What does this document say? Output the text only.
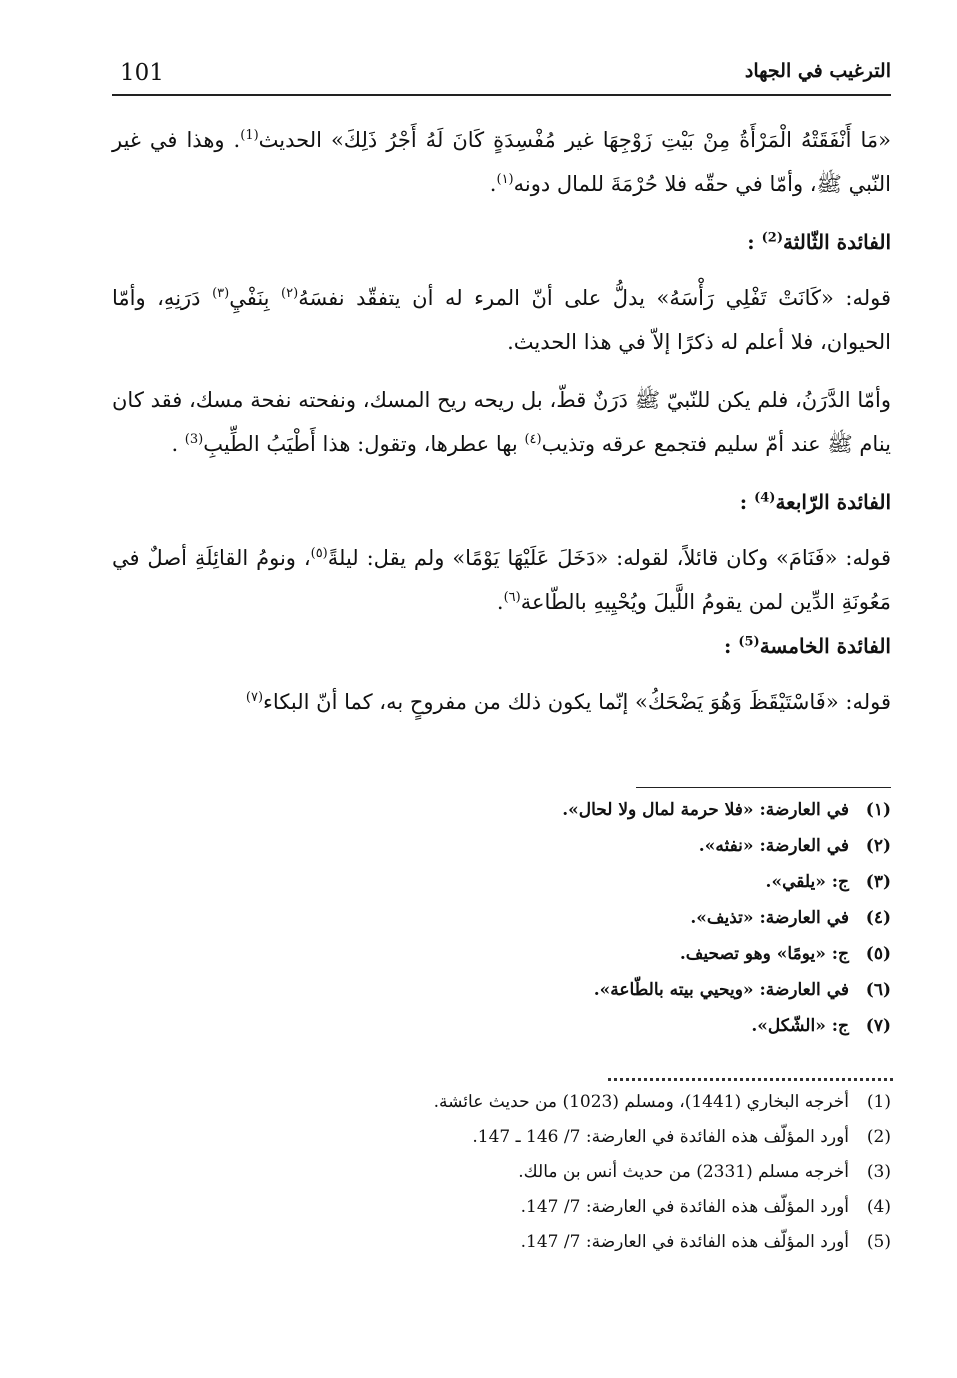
101	الترغيب في الجهاد

«مَا أَنْفَقَتْهُ الْمَرْأَةُ مِنْ بَيْتِ زَوْجِهَا غير مُفْسِدَةٍ كَانَ لَهُ أَجْرُ ذَلِكَ» الحديث$^{(1)}$. وهذا في غير النّبي ﷺ، وأمّا في حقّه فلا حُرْمَةَ للمال دونه$^{(١)}$.

الفائدة الثّالثة$^{(2)}$ :

قوله: «كَانَتْ تَفْلِي رَأْسَهُ» يدلُّ على أنّ المرء له أن يتفقّد نفسَهُ$^{(٢)}$ بِنَفْيِ$^{(٣)}$ دَرَنِهِ، وأمّا الحيوان، فلا أعلم له ذكرًا إلاّ في هذا الحديث.

وأمّا الدَّرَنُ، فلم يكن للنّبيّ ﷺ دَرَنٌ قطّ، بل ريحه ريح المسك، ونفحته نفحة مسك، فقد كان ينام ﷺ عند أمّ سليم فتجمع عرقه وتذيب$^{(٤)}$ بها عطرها، وتقول: هذا أَطْيَبُ الطِّيبِ$^{(3)}$ .

الفائدة الرّابعة$^{(4)}$ :

قوله: «فَنَامَ» وكان قائلاً، لقوله: «دَخَلَ عَلَيْهَا يَوْمًا» ولم يقل: ليلةً$^{(٥)}$، ونومُ القائِلَةِ أصلٌ في مَعُونَةِ الدِّين لمن يقومُ اللَّيلَ ويُحْيِيهِ بالطّاعة$^{(٦)}$.

الفائدة الخامسة$^{(5)}$ :

قوله: «فَاسْتَيْقَظَ وَهُوَ يَضْحَكُ» إنّما يكون ذلك من مفروحٍ به، كما أنّ البكاء$^{(٧)}$

(١)
في العارضة: «فلا حرمة لمال ولا لحال».
(٢)
في العارضة: «نفثه».
(٣)
ج: «يلقي».
(٤)
في العارضة: «تذيف».
(٥)
ج: «يومًا» وهو تصحيف.
(٦)
في العارضة: «ويحيي بيته بالطّاعة».
(٧)
ج: «الشّكل».
(1)
أخرجه البخاري (1441)، ومسلم (1023) من حديث عائشة.
(2)
أورد المؤلّف هذه الفائدة في العارضة: 7/ 146 ـ 147.
(3)
أخرجه مسلم (2331) من حديث أنس بن مالك.
(4)
أورد المؤلّف هذه الفائدة في العارضة: 7/ 147.
(5)
أورد المؤلّف هذه الفائدة في العارضة: 7/ 147.
